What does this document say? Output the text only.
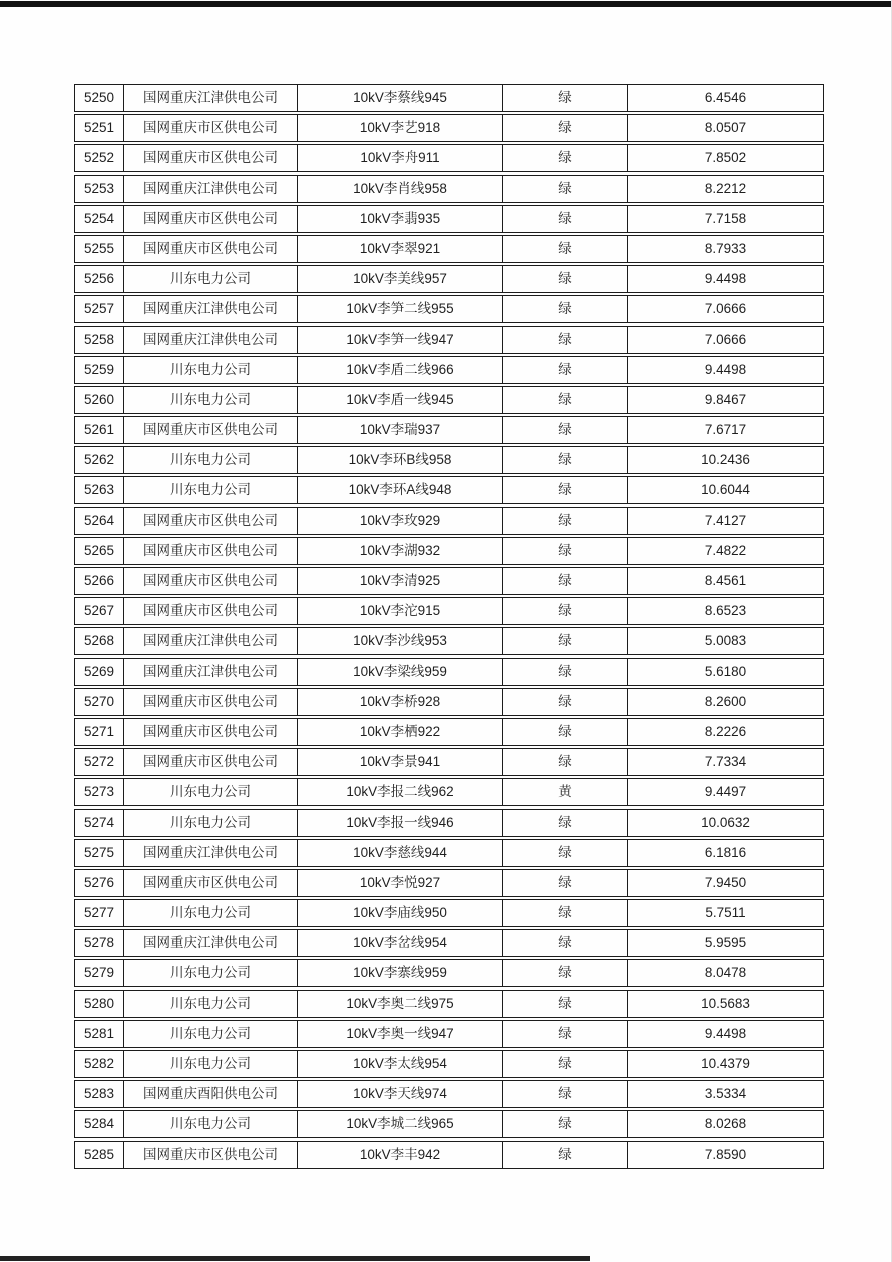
5250	国网重庆江津供电公司	10kV李蔡线945	绿	6.4546
5251	国网重庆市区供电公司	10kV李艺918	绿	8.0507
5252	国网重庆市区供电公司	10kV李舟911	绿	7.8502
5253	国网重庆江津供电公司	10kV李肖线958	绿	8.2212
5254	国网重庆市区供电公司	10kV李翡935	绿	7.7158
5255	国网重庆市区供电公司	10kV李翠921	绿	8.7933
5256	川东电力公司	10kV李美线957	绿	9.4498
5257	国网重庆江津供电公司	10kV李笋二线955	绿	7.0666
5258	国网重庆江津供电公司	10kV李笋一线947	绿	7.0666
5259	川东电力公司	10kV李盾二线966	绿	9.4498
5260	川东电力公司	10kV李盾一线945	绿	9.8467
5261	国网重庆市区供电公司	10kV李瑞937	绿	7.6717
5262	川东电力公司	10kV李环B线958	绿	10.2436
5263	川东电力公司	10kV李环A线948	绿	10.6044
5264	国网重庆市区供电公司	10kV李玫929	绿	7.4127
5265	国网重庆市区供电公司	10kV李湖932	绿	7.4822
5266	国网重庆市区供电公司	10kV李清925	绿	8.4561
5267	国网重庆市区供电公司	10kV李沱915	绿	8.6523
5268	国网重庆江津供电公司	10kV李沙线953	绿	5.0083
5269	国网重庆江津供电公司	10kV李梁线959	绿	5.6180
5270	国网重庆市区供电公司	10kV李桥928	绿	8.2600
5271	国网重庆市区供电公司	10kV李栖922	绿	8.2226
5272	国网重庆市区供电公司	10kV李景941	绿	7.7334
5273	川东电力公司	10kV李报二线962	黄	9.4497
5274	川东电力公司	10kV李报一线946	绿	10.0632
5275	国网重庆江津供电公司	10kV李慈线944	绿	6.1816
5276	国网重庆市区供电公司	10kV李悦927	绿	7.9450
5277	川东电力公司	10kV李庙线950	绿	5.7511
5278	国网重庆江津供电公司	10kV李岔线954	绿	5.9595
5279	川东电力公司	10kV李寨线959	绿	8.0478
5280	川东电力公司	10kV李奥二线975	绿	10.5683
5281	川东电力公司	10kV李奥一线947	绿	9.4498
5282	川东电力公司	10kV李太线954	绿	10.4379
5283	国网重庆酉阳供电公司	10kV李天线974	绿	3.5334
5284	川东电力公司	10kV李城二线965	绿	8.0268
5285	国网重庆市区供电公司	10kV李丰942	绿	7.8590
